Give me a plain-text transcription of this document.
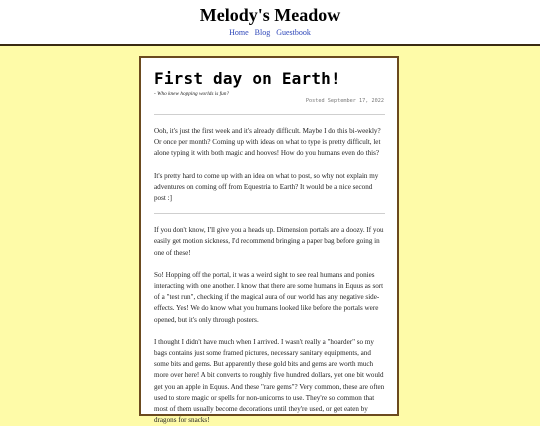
Melody's Meadow
Home Blog Guestbook
First day on Earth!
- Who knew hopping worlds is fun?
Posted September 17, 2022

Ooh, it's just the first week and it's already difficult. Maybe I do this bi-weekly? Or once per month? Coming up with ideas on what to type is pretty difficult, let alone typing it with both magic and hooves! How do you humans even do this?

It's pretty hard to come up with an idea on what to post, so why not explain my adventures on coming off from Equestria to Earth? It would be a nice second post :]

If you don't know, I'll give you a heads up. Dimension portals are a doozy. If you easily get motion sickness, I'd recommend bringing a paper bag before going in one of these!

So! Hopping off the portal, it was a weird sight to see real humans and ponies interacting with one another. I know that there are some humans in Equus as sort of a "test run", checking if the magical aura of our world has any negative side-effects. Yes! We do know what you humans looked like before the portals were opened, but it's only through posters.

I thought I didn't have much when I arrived. I wasn't really a "hoarder" so my bags contains just some framed pictures, necessary sanitary equipments, and some bits and gems. But apparently these gold bits and gems are worth much more over here! A bit converts to roughly five hundred dollars, yet one bit would get you an apple in Equus. And these "rare gems"? Very common, these are often used to store magic or spells for non-unicorns to use. They're so common that most of them usually become decorations until they're used, or get eaten by dragons for snacks!
